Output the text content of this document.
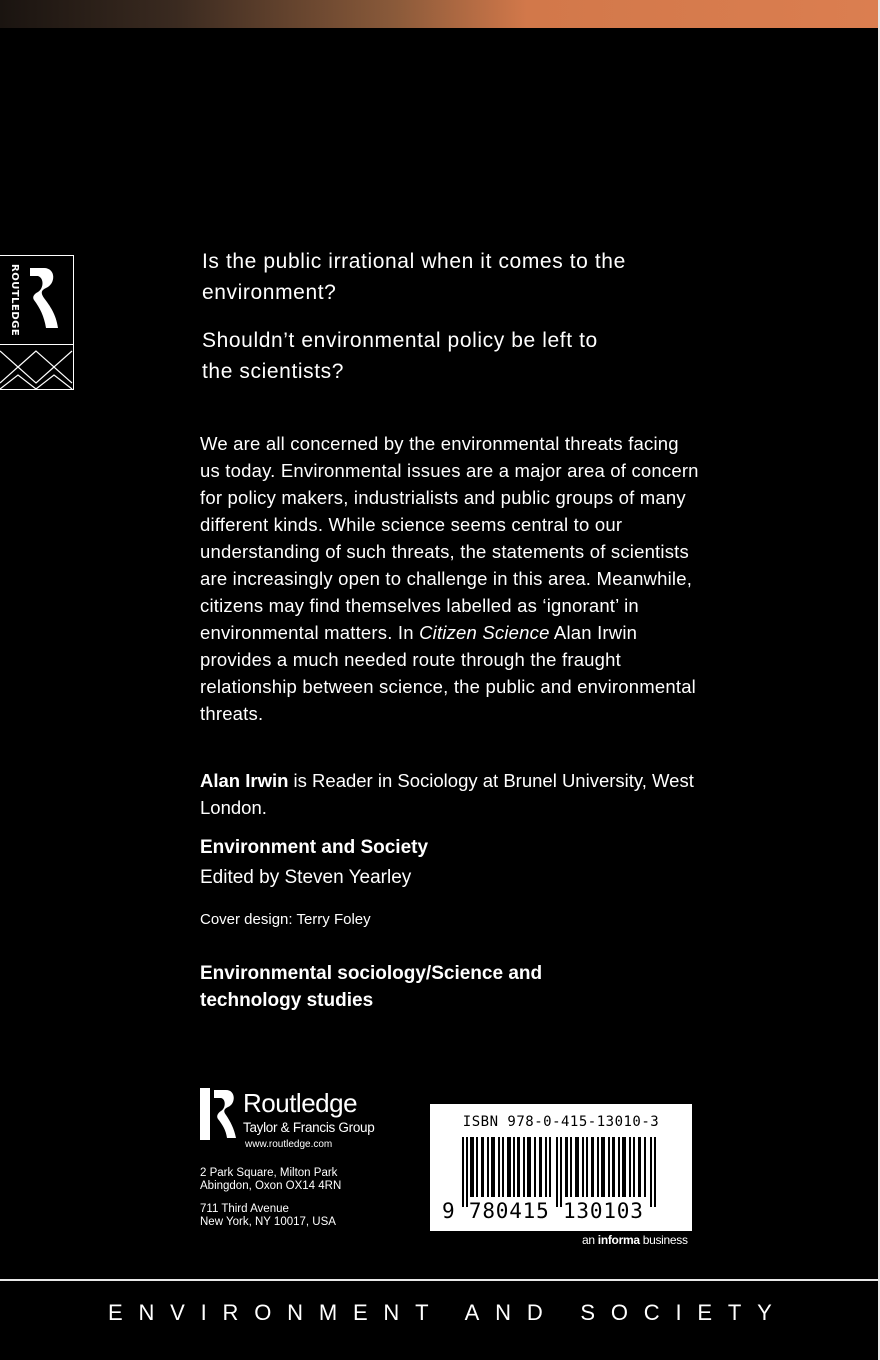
ROUTLEDGE
Is the public irrational when it comes to the environment?
Shouldn’t environmental policy be left to the scientists?
We are all concerned by the environmental threats facing us today. Environmental issues are a major area of concern for policy makers, industrialists and public groups of many different kinds. While science seems central to our understanding of such threats, the statements of scientists are increasingly open to challenge in this area. Meanwhile, citizens may find themselves labelled as ‘ignorant’ in environmental matters. In Citizen Science Alan Irwin provides a much needed route through the fraught relationship between science, the public and environmental threats.
Alan Irwin is Reader in Sociology at Brunel University, West London.
Environment and Society
Edited by Steven Yearley
Cover design: Terry Foley
Environmental sociology/Science and technology studies
Routledge
Taylor & Francis Group
www.routledge.com
2 Park Square, Milton Park
Abingdon, Oxon OX14 4RN
711 Third Avenue
New York, NY 10017, USA
ISBN 978-0-415-13010-3
9 780415 130103
an informa business
ENVIRONMENT AND SOCIETY
